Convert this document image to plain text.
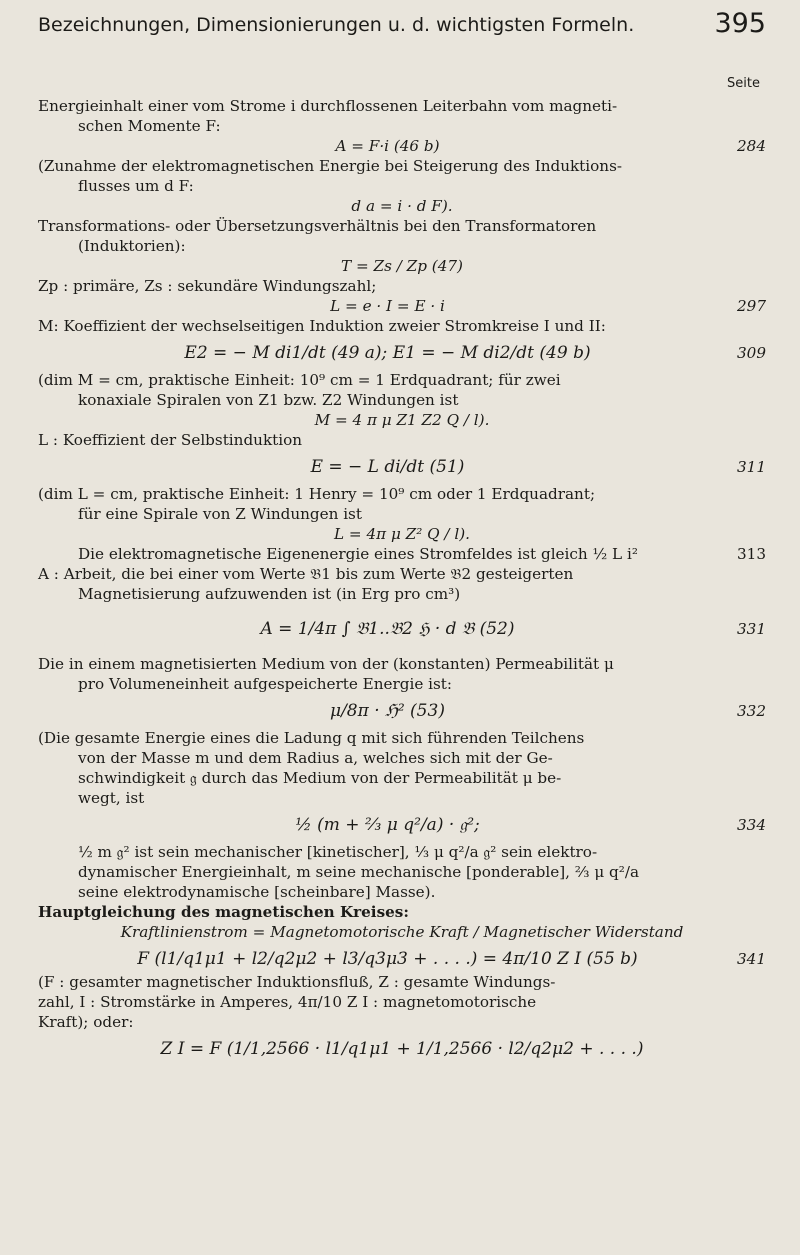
Bezeichnungen, Dimensionierungen u. d. wichtigsten Formeln.	395
Seite
Energieinhalt einer vom Strome i durchflossenen Leiterbahn vom magneti-
schen Momente F:
A = F·i (46 b)	284
(Zunahme der elektromagnetischen Energie bei Steigerung des Induktions-
flusses um d F:
d a = i · d F).
Transformations- oder Übersetzungsverhältnis bei den Transformatoren
(Induktorien):
T = Zs / Zp (47)
Zp : primäre, Zs : sekundäre Windungszahl;
L = e · I = E · i	297
M: Koeffizient der wechselseitigen Induktion zweier Stromkreise I und II:
E2 = − M di1/dt (49 a); E1 = − M di2/dt (49 b)	309
(dim M = cm, praktische Einheit: 10⁹ cm = 1 Erdquadrant; für zwei
konaxiale Spiralen von Z1 bzw. Z2 Windungen ist
M = 4 π μ Z1 Z2 Q / l).
L : Koeffizient der Selbstinduktion
E = − L di/dt (51)	311
(dim L = cm, praktische Einheit: 1 Henry = 10⁹ cm oder 1 Erdquadrant;
für eine Spirale von Z Windungen ist
L = 4π μ Z² Q / l).
Die elektromagnetische Eigenenergie eines Stromfeldes ist gleich ½ L i²	313
A : Arbeit, die bei einer vom Werte 𝔅1 bis zum Werte 𝔅2 gesteigerten
Magnetisierung aufzuwenden ist (in Erg pro cm³)
A = 1/4π ∫ 𝔅1..𝔅2 ℌ · d 𝔅 (52)	331
Die in einem magnetisierten Medium von der (konstanten) Permeabilität μ
pro Volumeneinheit aufgespeicherte Energie ist:
μ/8π · ℌ² (53)	332
(Die gesamte Energie eines die Ladung q mit sich führenden Teilchens
von der Masse m und dem Radius a, welches sich mit der Ge-
schwindigkeit 𝔤 durch das Medium von der Permeabilität μ be-
wegt, ist
½ (m + ⅔ μ q²/a) · 𝔤²;	334
½ m 𝔤² ist sein mechanischer [kinetischer], ⅓ μ q²/a 𝔤² sein elektro-
dynamischer Energieinhalt, m seine mechanische [ponderable], ⅔ μ q²/a
seine elektrodynamische [scheinbare] Masse).
Hauptgleichung des magnetischen Kreises:
Kraftlinienstrom = Magnetomotorische Kraft / Magnetischer Widerstand
F (l1/q1μ1 + l2/q2μ2 + l3/q3μ3 + . . . .) = 4π/10 Z I (55 b)	341
(F : gesamter magnetischer Induktionsfluß, Z : gesamte Windungs-
zahl, I : Stromstärke in Amperes, 4π/10 Z I : magnetomotorische
Kraft); oder:
Z I = F (1/1,2566 · l1/q1μ1 + 1/1,2566 · l2/q2μ2 + . . . .)
